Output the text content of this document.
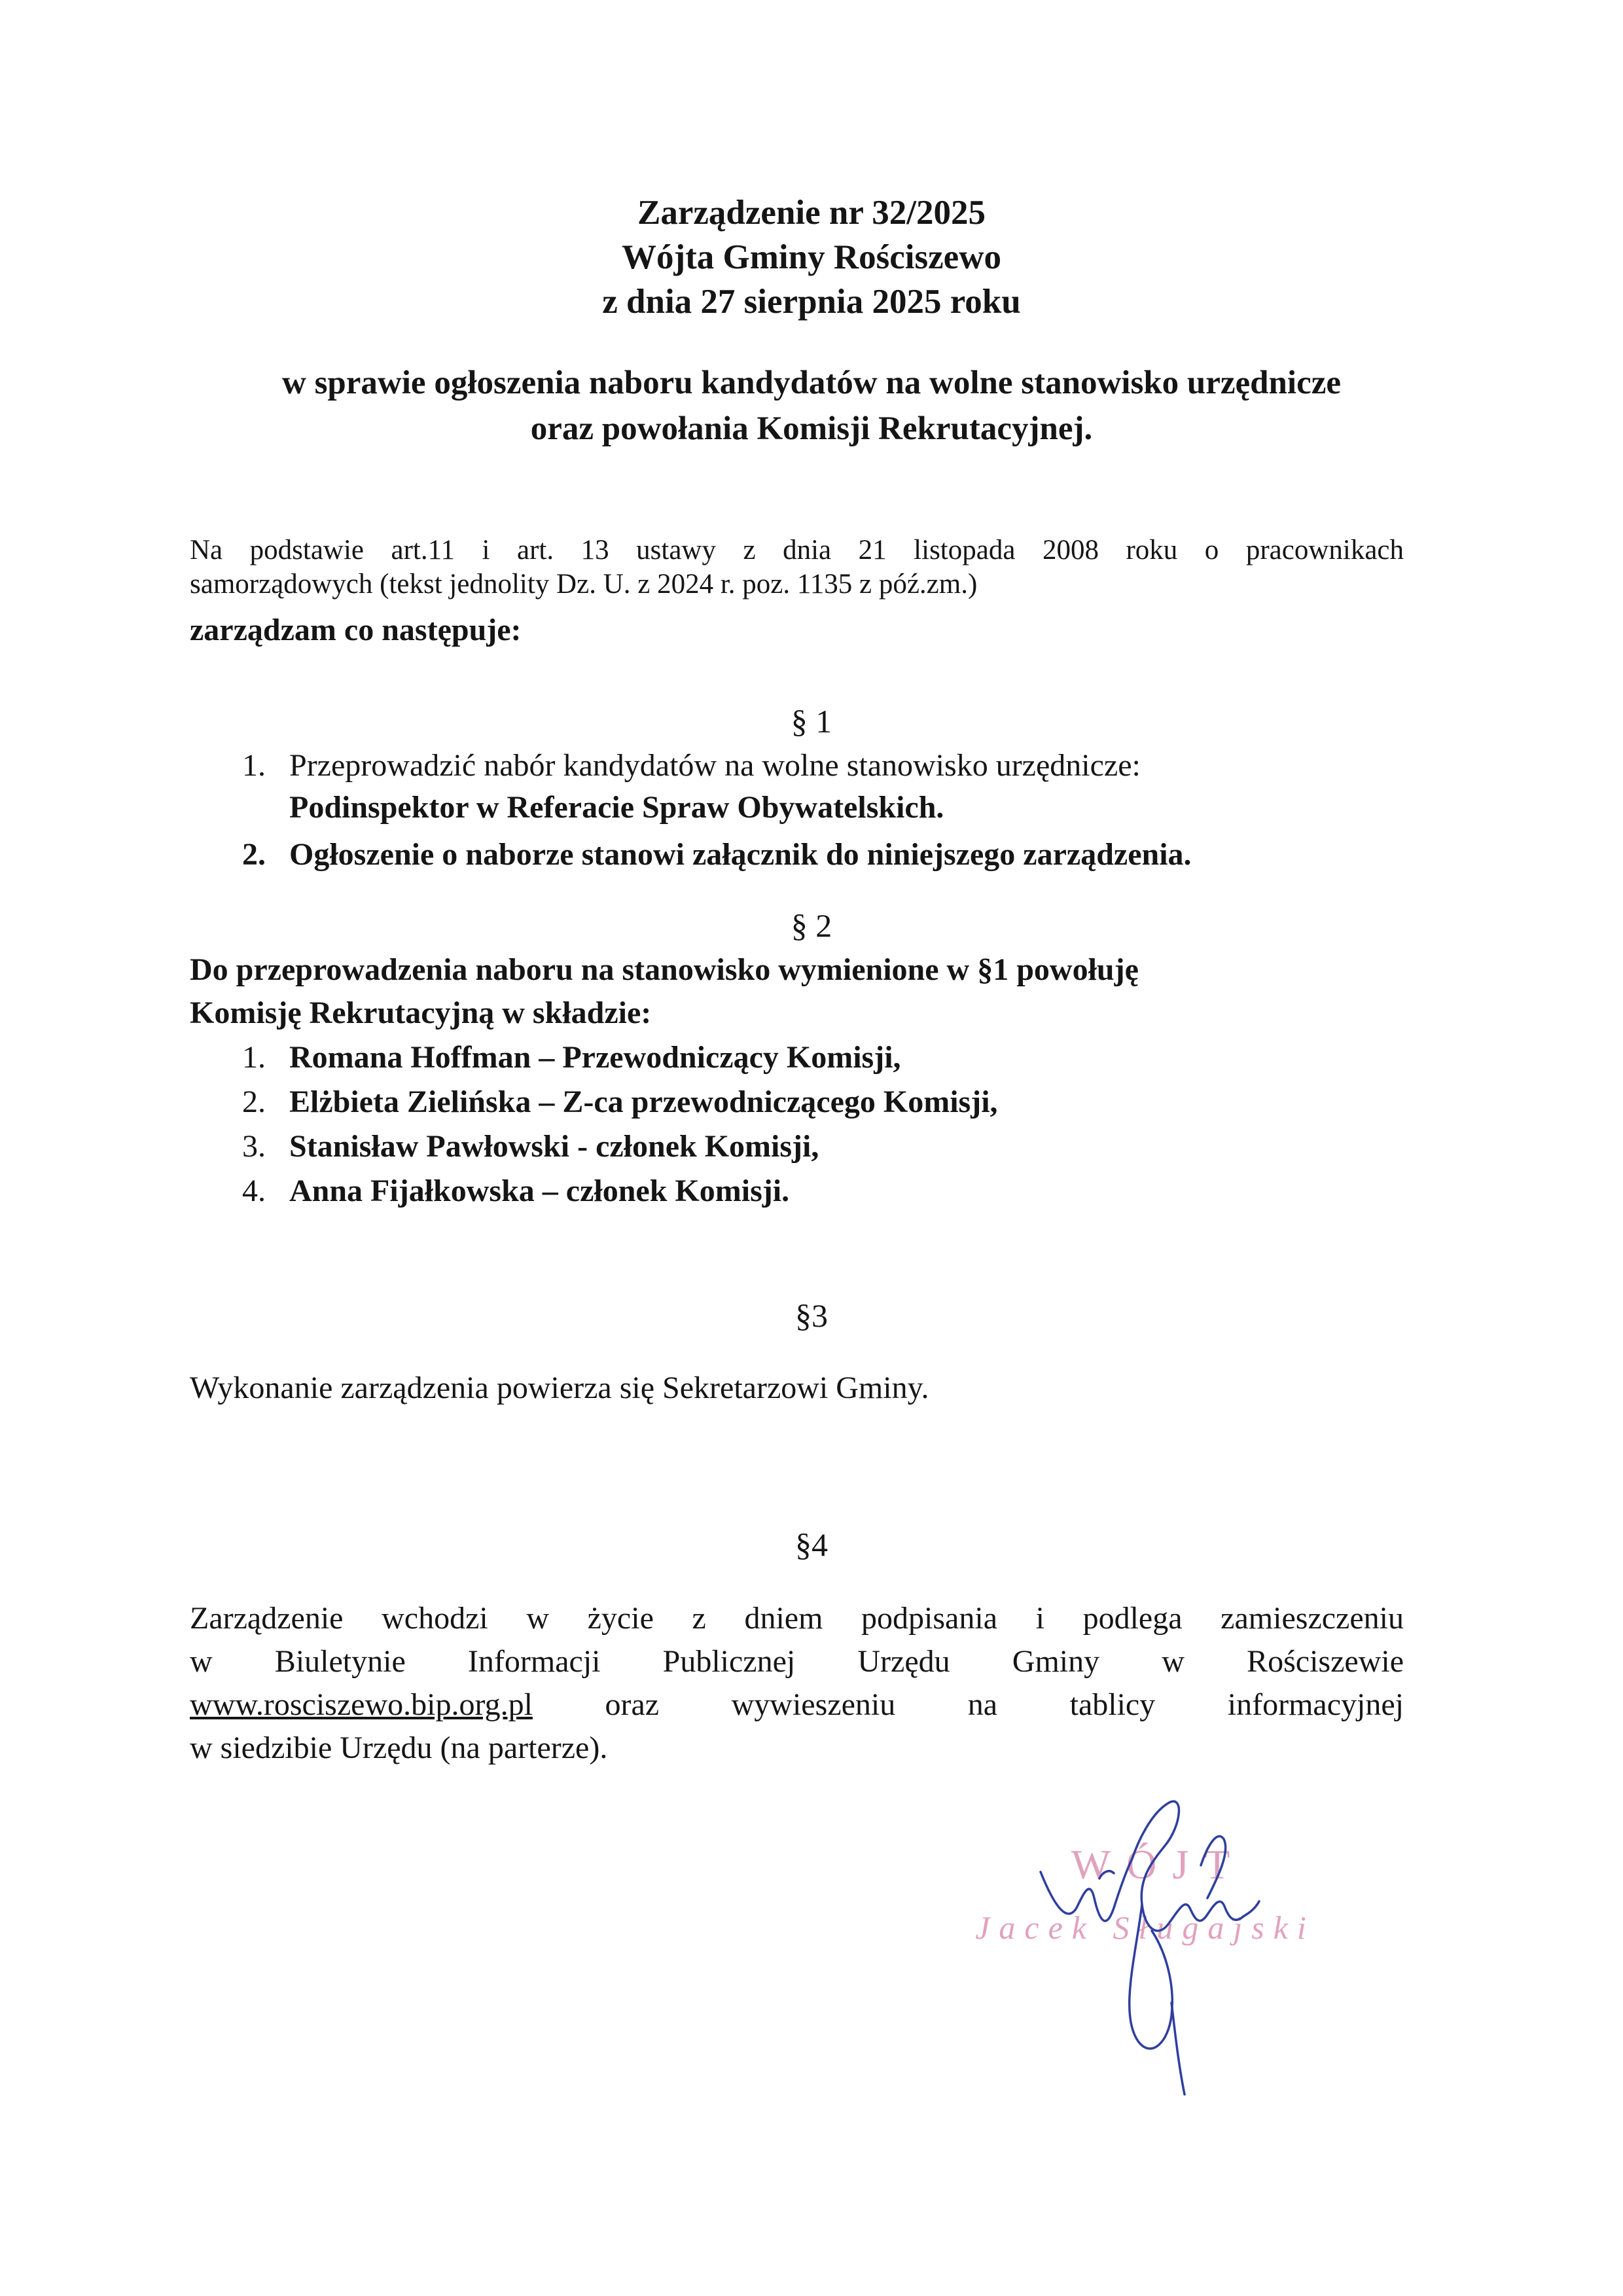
Zarządzenie nr 32/2025

Wójta Gminy Rościszewo

z dnia 27 sierpnia 2025 roku

w sprawie ogłoszenia naboru kandydatów na wolne stanowisko urzędnicze

oraz powołania Komisji Rekrutacyjnej.

Na podstawie art.11 i art. 13 ustawy z dnia 21 listopada 2008 roku o pracownikach
samorządowych (tekst jednolity Dz. U. z 2024 r. poz. 1135 z póź.zm.)

zarządzam co następuje:

§ 1

1. Przeprowadzić nabór kandydatów na wolne stanowisko urzędnicze:

Podinspektor w Referacie Spraw Obywatelskich.

2. Ogłoszenie o naborze stanowi załącznik do niniejszego zarządzenia.

§ 2

Do przeprowadzenia naboru na stanowisko wymienione w §1 powołuję

Komisję Rekrutacyjną w składzie:

1. Romana Hoffman – Przewodniczący Komisji,

2. Elżbieta Zielińska – Z-ca przewodniczącego Komisji,

3. Stanisław Pawłowski - członek Komisji,

4. Anna Fijałkowska – członek Komisji.

§3

Wykonanie zarządzenia powierza się Sekretarzowi Gminy.

§4

Zarządzenie wchodzi w życie z dniem podpisania i podlega zamieszczeniu
w Biuletynie Informacji Publicznej Urzędu Gminy w Rościszewie
www.rosciszewo.bip.org.pl oraz wywieszeniu na tablicy informacyjnej
w siedzibie Urzędu (na parterze).
WÓJT
Jacek Sługajski
